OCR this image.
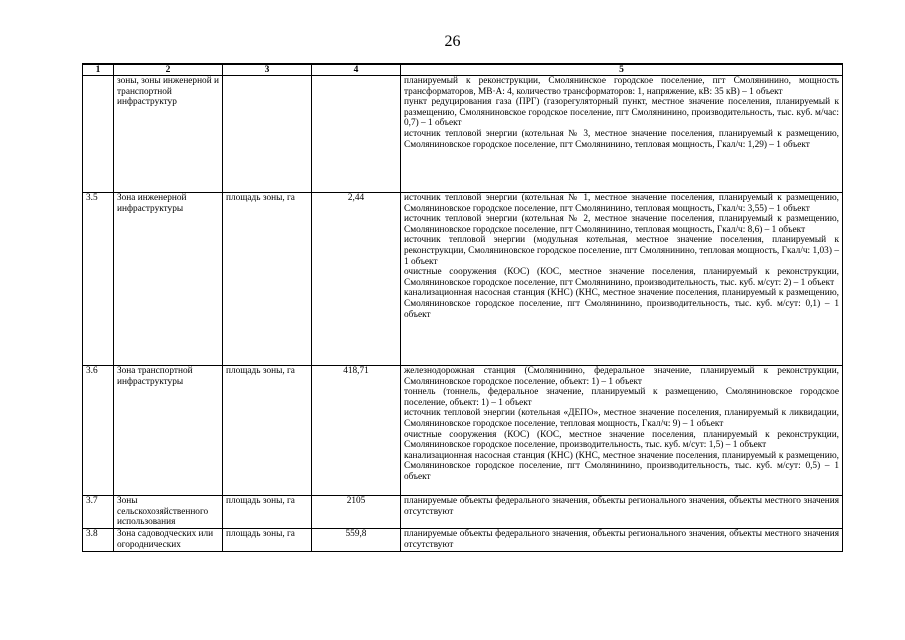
26
1	2	3	4	5
	зоны, зоны инженерной и транспортной инфраструктур			планируемый к реконструкции, Смолянинское городское поселение, пгт Смолянинино, мощность трансформаторов, МВ·А: 4, количество трансформаторов: 1, напряжение, кВ: 35 кВ) – 1 объект
пункт редуцирования газа (ПРГ) (газорегуляторный пункт, местное значение поселения, планируемый к размещению, Смоляниновское городское поселение, пгт Смолянинино, производительность, тыс. куб. м/час: 0,7) – 1 объект
источник тепловой энергии (котельная № 3, местное значение поселения, планируемый к размещению, Смоляниновское городское поселение, пгт Смолянинино, тепловая мощность, Гкал/ч: 1,29) – 1 объект

3.5	Зона инженерной инфраструктуры	площадь зоны, га	2,44	источник тепловой энергии (котельная № 1, местное значение поселения, планируемый к размещению, Смоляниновское городское поселение, пгт Смолянинино, тепловая мощность, Гкал/ч: 3,55) – 1 объект
источник тепловой энергии (котельная № 2, местное значение поселения, планируемый к размещению, Смоляниновское городское поселение, пгт Смолянинино, тепловая мощность, Гкал/ч: 8,6) – 1 объект
источник тепловой энергии (модульная котельная, местное значение поселения, планируемый к реконструкции, Смоляниновское городское поселение, пгт Смолянинино, тепловая мощность, Гкал/ч: 1,03) – 1 объект
очистные сооружения (КОС) (КОС, местное значение поселения, планируемый к реконструкции, Смоляниновское городское поселение, пгт Смолянинино, производительность, тыс. куб. м/сут: 2) – 1 объект
канализационная насосная станция (КНС) (КНС, местное значение поселения, планируемый к размещению, Смоляниновское городское поселение, пгт Смолянинино, производительность, тыс. куб. м/сут: 0,1) – 1 объект

3.6	Зона транспортной инфраструктуры	площадь зоны, га	418,71	железнодорожная станция (Смолянинино, федеральное значение, планируемый к реконструкции, Смоляниновское городское поселение, объект: 1) – 1 объект
тоннель (тоннель, федеральное значение, планируемый к размещению, Смоляниновское городское поселение, объект: 1) – 1 объект
источник тепловой энергии (котельная «ДЕПО», местное значение поселения, планируемый к ликвидации, Смоляниновское городское поселение, тепловая мощность, Гкал/ч: 9) – 1 объект
очистные сооружения (КОС) (КОС, местное значение поселения, планируемый к реконструкции, Смоляниновское городское поселение, производительность, тыс. куб. м/сут: 1,5) – 1 объект
канализационная насосная станция (КНС) (КНС, местное значение поселения, планируемый к размещению, Смоляниновское городское поселение, пгт Смолянинино, производительность, тыс. куб. м/сут: 0,5) – 1 объект

3.7	Зоны сельскохозяйственного использования	площадь зоны, га	2105	планируемые объекты федерального значения, объекты регионального значения, объекты местного значения отсутствуют

3.8	Зона садоводческих или огороднических	площадь зоны, га	559,8	планируемые объекты федерального значения, объекты регионального значения, объекты местного значения отсутствуют
